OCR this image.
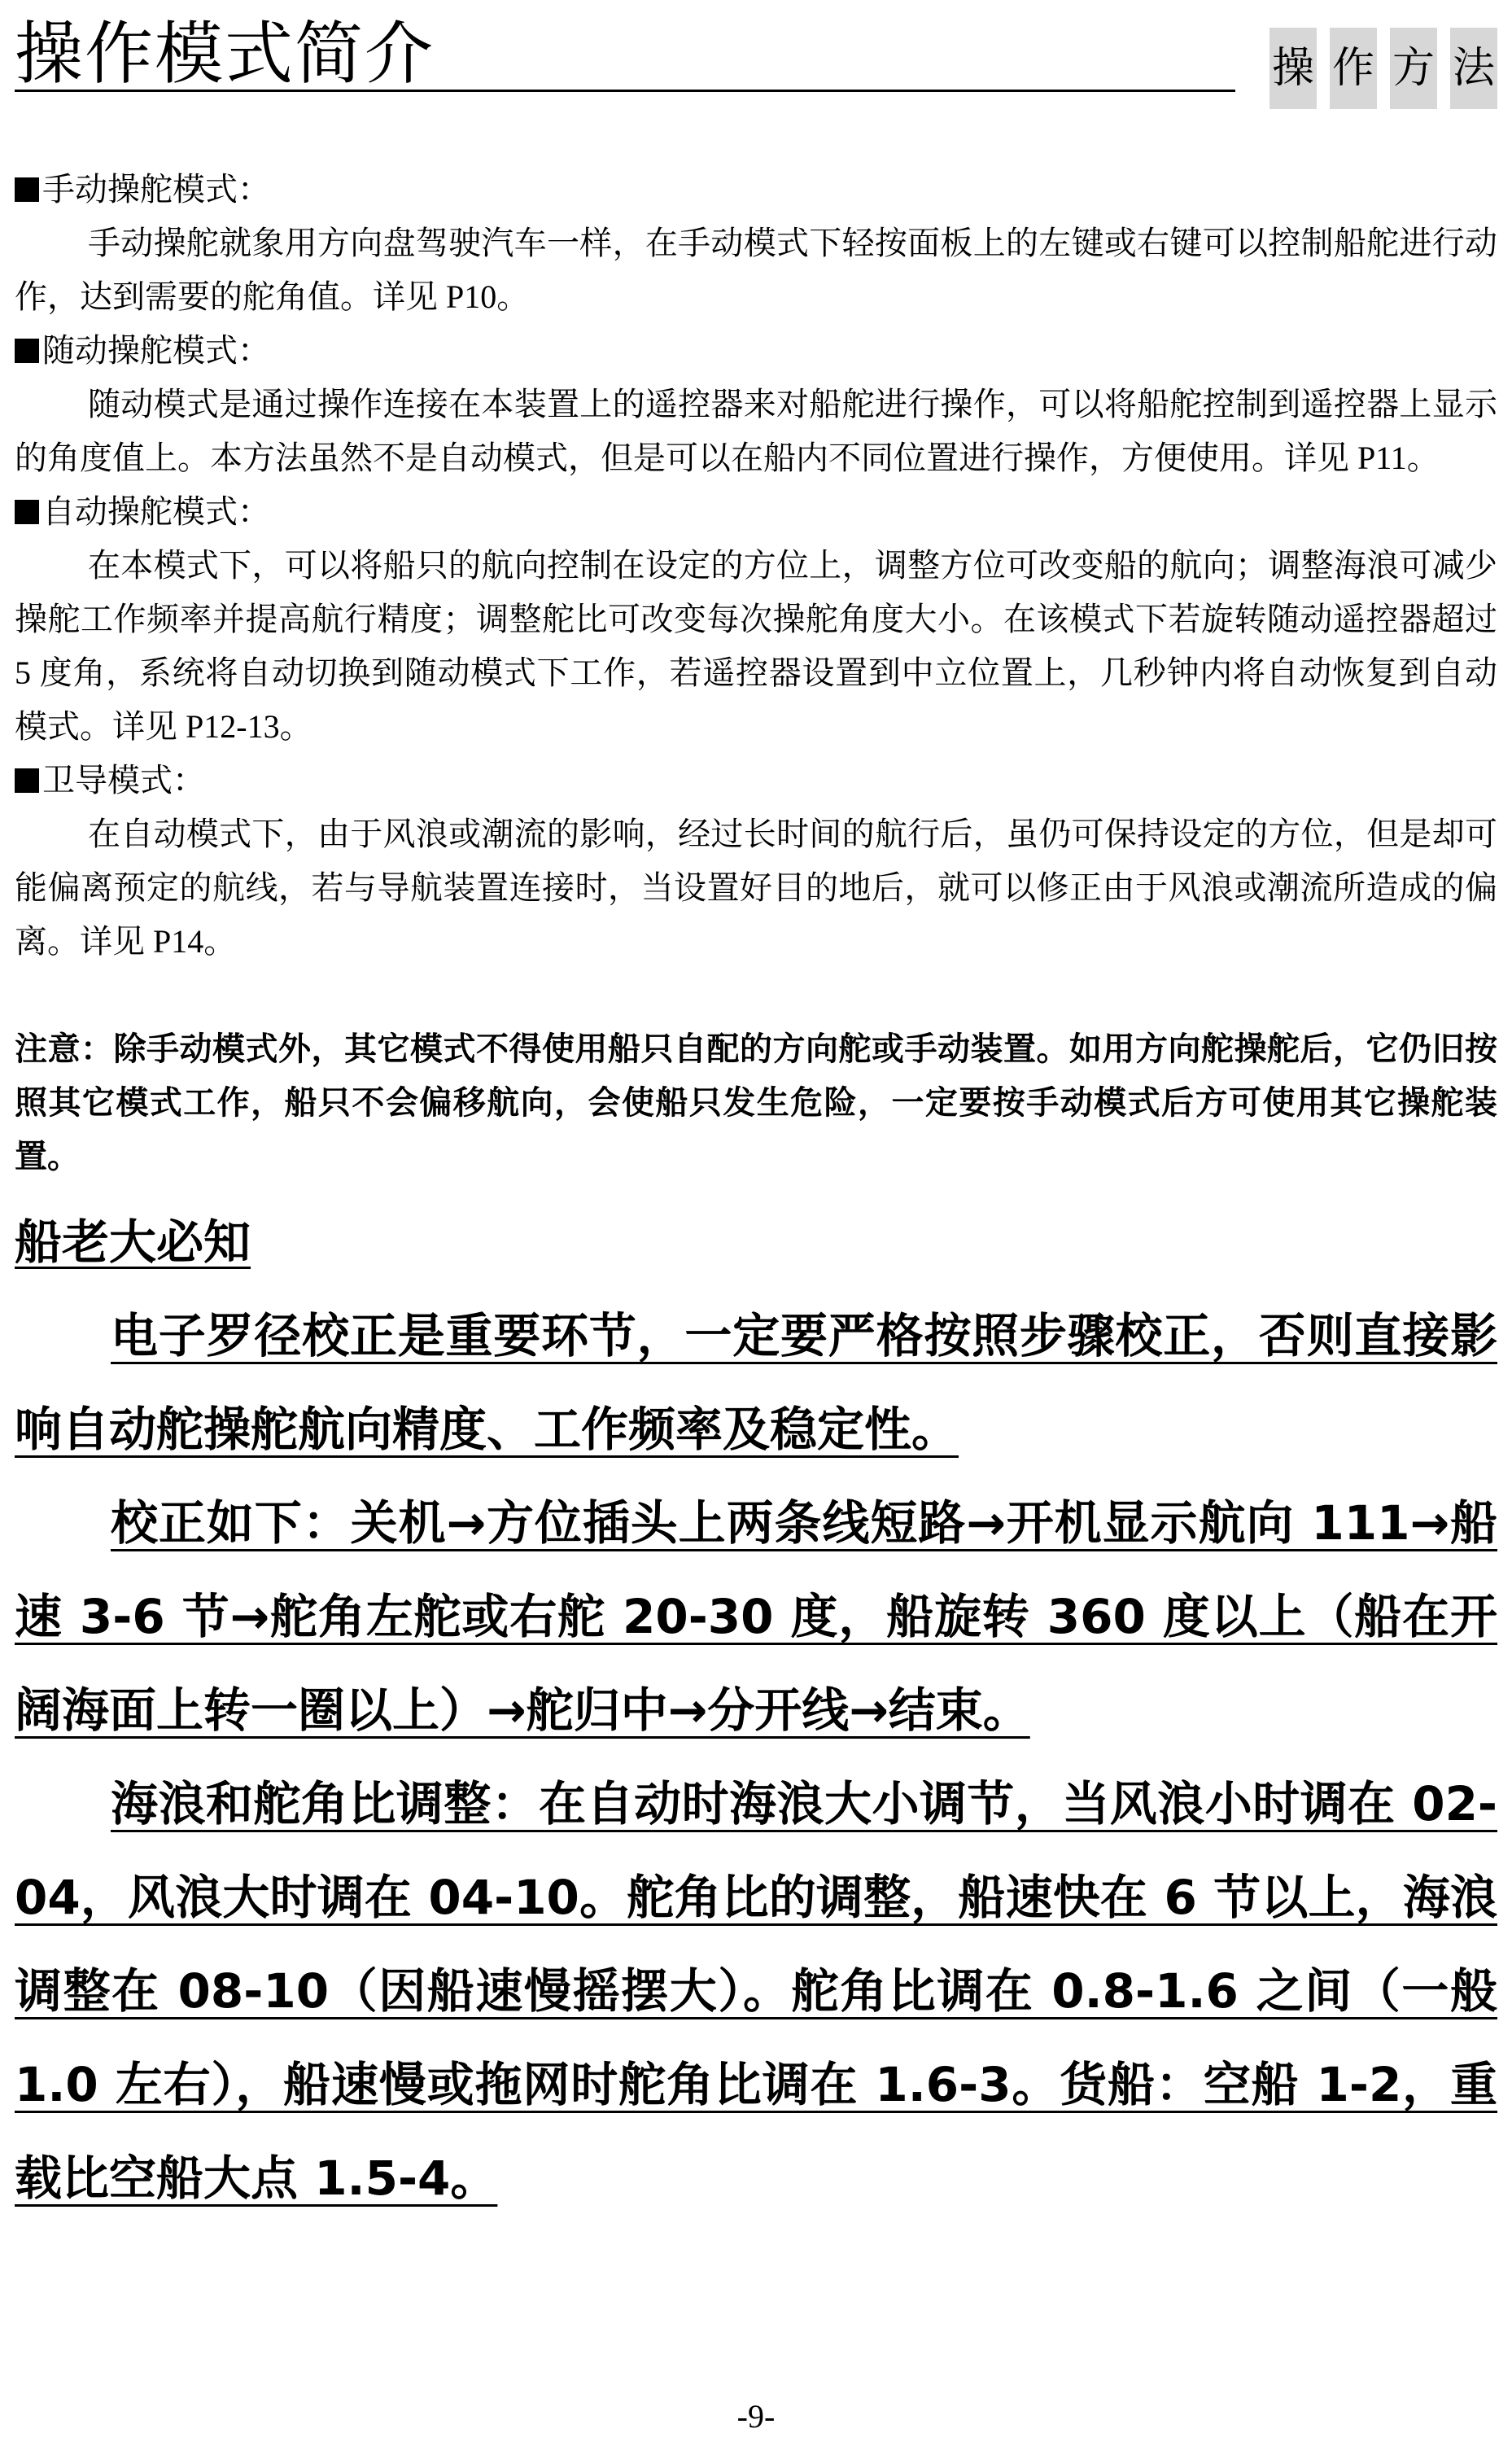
操作模式简介	操 作 方 法
手动操舵模式：

手动操舵就象用方向盘驾驶汽车一样，在手动模式下轻按面板上的左键或右键可以控制船舵进行动作，达到需要的舵角值。详见 P10。

随动操舵模式：

随动模式是通过操作连接在本装置上的遥控器来对船舵进行操作，可以将船舵控制到遥控器上显示的角度值上。本方法虽然不是自动模式，但是可以在船内不同位置进行操作，方便使用。详见 P11。

自动操舵模式：

在本模式下，可以将船只的航向控制在设定的方位上，调整方位可改变船的航向；调整海浪可减少操舵工作频率并提高航行精度；调整舵比可改变每次操舵角度大小。在该模式下若旋转随动遥控器超过 5 度角，系统将自动切换到随动模式下工作，若遥控器设置到中立位置上，几秒钟内将自动恢复到自动模式。详见 P12-13。

卫导模式：

在自动模式下，由于风浪或潮流的影响，经过长时间的航行后，虽仍可保持设定的方位，但是却可能偏离预定的航线，若与导航装置连接时，当设置好目的地后，就可以修正由于风浪或潮流所造成的偏离。详见 P14。

注意：除手动模式外，其它模式不得使用船只自配的方向舵或手动装置。如用方向舵操舵后，它仍旧按照其它模式工作，船只不会偏移航向，会使船只发生危险，一定要按手动模式后方可使用其它操舵装置。

船老大必知

电子罗径校正是重要环节，一定要严格按照步骤校正，否则直接影响自动舵操舵航向精度、工作频率及稳定性。

校正如下：关机→方位插头上两条线短路→开机显示航向 111→船速 3-6 节→舵角左舵或右舵 20-30 度，船旋转 360 度以上（船在开阔海面上转一圈以上）→舵归中→分开线→结束。

海浪和舵角比调整：在自动时海浪大小调节，当风浪小时调在 02-04，风浪大时调在 04-10。舵角比的调整，船速快在 6 节以上，海浪调整在 08-10（因船速慢摇摆大）。舵角比调在 0.8-1.6 之间（一般 1.0 左右），船速慢或拖网时舵角比调在 1.6-3。货船：空船 1-2，重载比空船大点 1.5-4。

-9-
